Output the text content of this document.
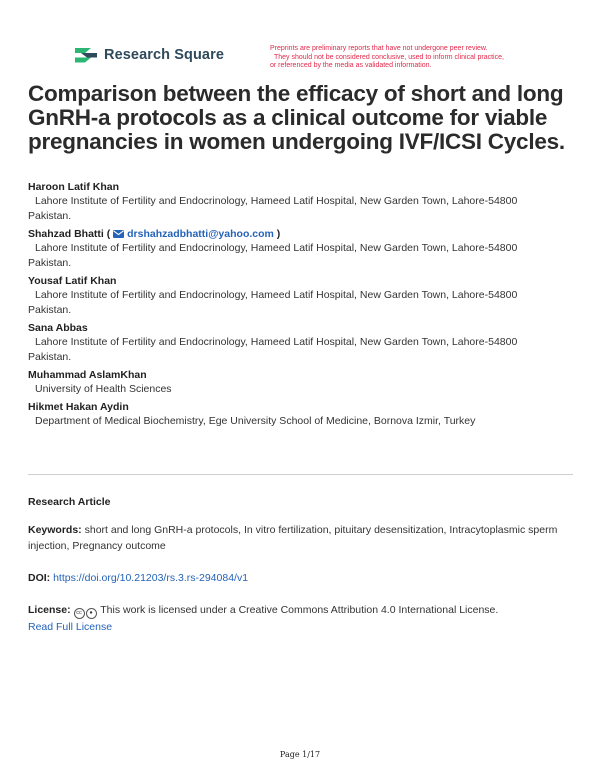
Research Square	Preprints are preliminary reports that have not undergone peer review.
They should not be considered conclusive, used to inform clinical practice,
or referenced by the media as validated information.
Comparison between the efficacy of short and long GnRH-a protocols as a clinical outcome for viable pregnancies in women undergoing IVF/ICSI Cycles.
Haroon Latif Khan
Lahore Institute of Fertility and Endocrinology, Hameed Latif Hospital, New Garden Town, Lahore-54800
Pakistan.
Shahzad Bhatti (  drshahzadbhatti@yahoo.com )
Lahore Institute of Fertility and Endocrinology, Hameed Latif Hospital, New Garden Town, Lahore-54800
Pakistan.
Yousaf Latif Khan
Lahore Institute of Fertility and Endocrinology, Hameed Latif Hospital, New Garden Town, Lahore-54800
Pakistan.
Sana Abbas
Lahore Institute of Fertility and Endocrinology, Hameed Latif Hospital, New Garden Town, Lahore-54800
Pakistan.
Muhammad AslamKhan
University of Health Sciences
Hikmet Hakan Aydin
Department of Medical Biochemistry, Ege University School of Medicine, Bornova Izmir, Turkey
Research Article
Keywords: short and long GnRH-a protocols, In vitro fertilization, pituitary desensitization, Intracytoplasmic sperm injection, Pregnancy outcome
DOI: https://doi.org/10.21203/rs.3.rs-294084/v1
License: cc ● This work is licensed under a Creative Commons Attribution 4.0 International License.
Read Full License
Page 1/17
